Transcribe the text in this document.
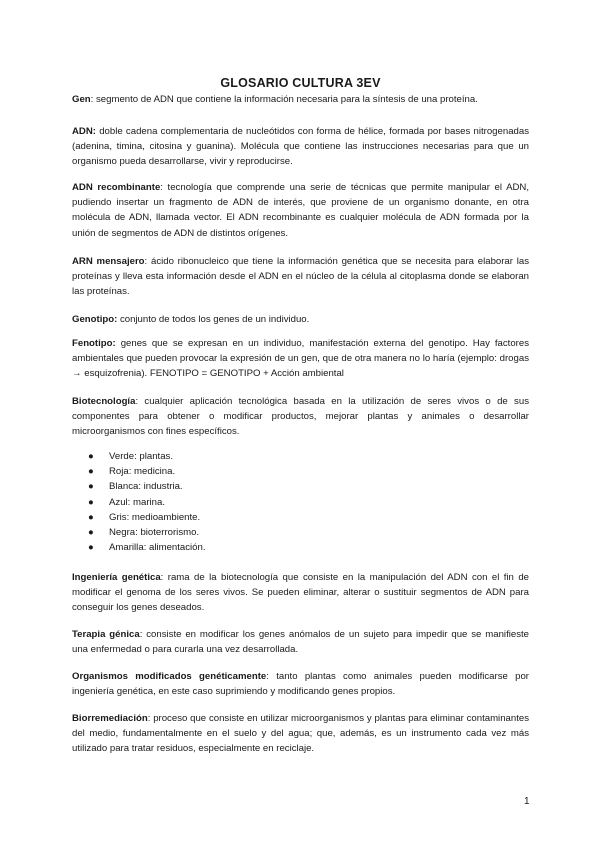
GLOSARIO CULTURA 3EV

Gen: segmento de ADN que contiene la información necesaria para la síntesis de una proteína.

ADN: doble cadena complementaria de nucleótidos con forma de hélice, formada por bases nitrogenadas (adenina, timina, citosina y guanina). Molécula que contiene las instrucciones necesarias para que un organismo pueda desarrollarse, vivir y reproducirse.

ADN recombinante: tecnología que comprende una serie de técnicas que permite manipular el ADN, pudiendo insertar un fragmento de ADN de interés, que proviene de un organismo donante, en otra molécula de ADN, llamada vector. El ADN recombinante es cualquier molécula de ADN formada por la unión de segmentos de ADN de distintos orígenes.

ARN mensajero: ácido ribonucleico que tiene la información genética que se necesita para elaborar las proteínas y lleva esta información desde el ADN en el núcleo de la célula al citoplasma donde se elaboran las proteínas.

Genotipo: conjunto de todos los genes de un individuo.

Fenotipo: genes que se expresan en un individuo, manifestación externa del genotipo. Hay factores ambientales que pueden provocar la expresión de un gen, que de otra manera no lo haría (ejemplo: drogas → esquizofrenia). FENOTIPO = GENOTIPO + Acción ambiental

Biotecnología: cualquier aplicación tecnológica basada en la utilización de seres vivos o de sus componentes para obtener o modificar productos, mejorar plantas y animales o desarrollar microorganismos con fines específicos.

● Verde: plantas.
● Roja: medicina.
● Blanca: industria.
● Azul: marina.
● Gris: medioambiente.
● Negra: bioterrorismo.
● Amarilla: alimentación.

Ingeniería genética: rama de la biotecnología que consiste en la manipulación del ADN con el fin de modificar el genoma de los seres vivos. Se pueden eliminar, alterar o sustituir segmentos de ADN para conseguir los genes deseados.

Terapia génica: consiste en modificar los genes anómalos de un sujeto para impedir que se manifieste una enfermedad o para curarla una vez desarrollada.

Organismos modificados genéticamente: tanto plantas como animales pueden modificarse por ingeniería genética, en este caso suprimiendo y modificando genes propios.

Biorremediación: proceso que consiste en utilizar microorganismos y plantas para eliminar contaminantes del medio, fundamentalmente en el suelo y del agua; que, además, es un instrumento cada vez más utilizado para tratar residuos, especialmente en reciclaje.

1
